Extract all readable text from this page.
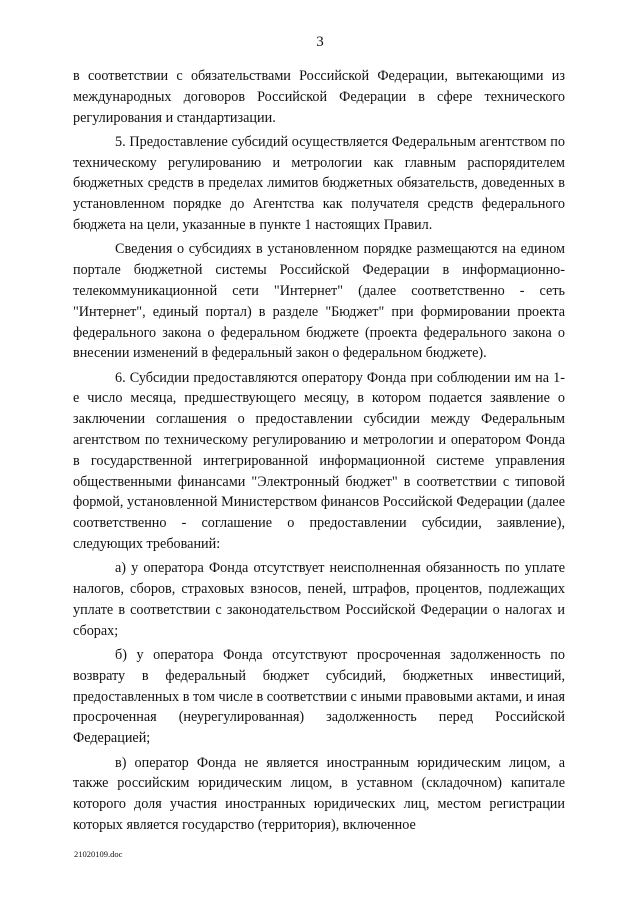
3

в соответствии с обязательствами Российской Федерации, вытекающими из международных договоров Российской Федерации в сфере технического регулирования и стандартизации.

5. Предоставление субсидий осуществляется Федеральным агентством по техническому регулированию и метрологии как главным распорядителем бюджетных средств в пределах лимитов бюджетных обязательств, доведенных в установленном порядке до Агентства как получателя средств федерального бюджета на цели, указанные в пункте 1 настоящих Правил.

Сведения о субсидиях в установленном порядке размещаются на едином портале бюджетной системы Российской Федерации в информационно-телекоммуникационной сети "Интернет" (далее соответственно - сеть "Интернет", единый портал) в разделе "Бюджет" при формировании проекта федерального закона о федеральном бюджете (проекта федерального закона о внесении изменений в федеральный закон о федеральном бюджете).

6. Субсидии предоставляются оператору Фонда при соблюдении им на 1-е число месяца, предшествующего месяцу, в котором подается заявление о заключении соглашения о предоставлении субсидии между Федеральным агентством по техническому регулированию и метрологии и оператором Фонда в государственной интегрированной информационной системе управления общественными финансами "Электронный бюджет" в соответствии с типовой формой, установленной Министерством финансов Российской Федерации (далее соответственно - соглашение о предоставлении субсидии, заявление), следующих требований:

а) у оператора Фонда отсутствует неисполненная обязанность по уплате налогов, сборов, страховых взносов, пеней, штрафов, процентов, подлежащих уплате в соответствии с законодательством Российской Федерации о налогах и сборах;

б) у оператора Фонда отсутствуют просроченная задолженность по возврату в федеральный бюджет субсидий, бюджетных инвестиций, предоставленных в том числе в соответствии с иными правовыми актами, и иная просроченная (неурегулированная) задолженность перед Российской Федерацией;

в) оператор Фонда не является иностранным юридическим лицом, а также российским юридическим лицом, в уставном (складочном) капитале которого доля участия иностранных юридических лиц, местом регистрации которых является государство (территория), включенное

21020109.doc
